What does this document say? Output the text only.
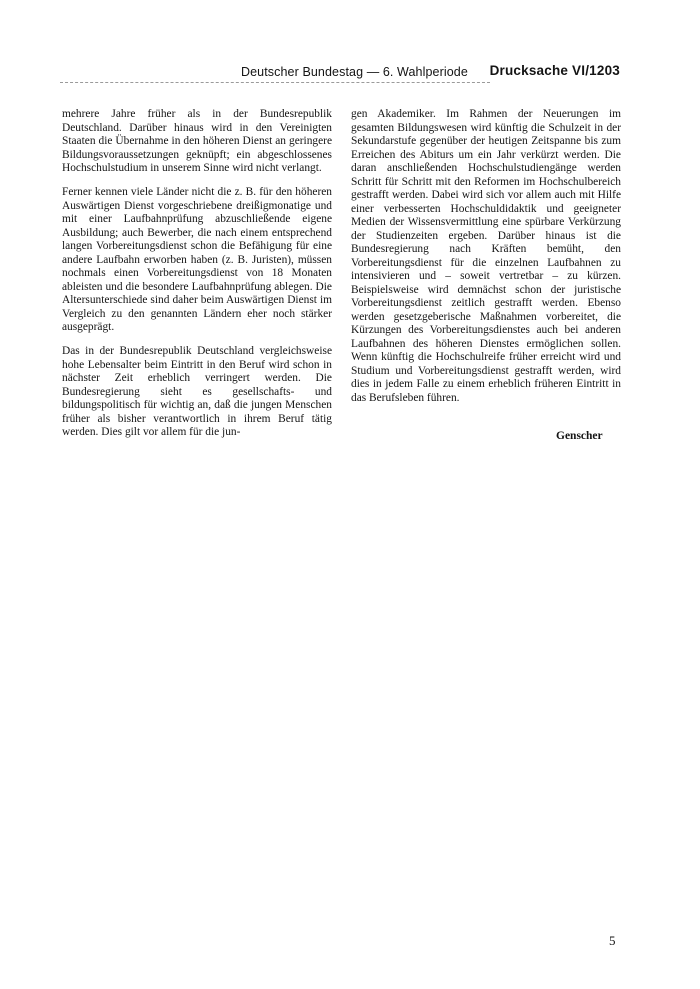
Deutscher Bundestag — 6. Wahlperiode Drucksache VI/1203

mehrere Jahre früher als in der Bundesrepublik Deutschland. Darüber hinaus wird in den Vereinigten Staaten die Übernahme in den höheren Dienst an geringere Bildungsvoraussetzungen geknüpft; ein abgeschlossenes Hochschulstudium in unserem Sinne wird nicht verlangt.

Ferner kennen viele Länder nicht die z. B. für den höheren Auswärtigen Dienst vorgeschriebene dreißigmonatige und mit einer Laufbahnprüfung abzuschließende eigene Ausbildung; auch Bewerber, die nach einem entsprechend langen Vorbereitungsdienst schon die Befähigung für eine andere Laufbahn erworben haben (z. B. Juristen), müssen nochmals einen Vorbereitungsdienst von 18 Monaten ableisten und die besondere Laufbahnprüfung ablegen. Die Altersunterschiede sind daher beim Auswärtigen Dienst im Vergleich zu den genannten Ländern eher noch stärker ausgeprägt.

Das in der Bundesrepublik Deutschland vergleichsweise hohe Lebensalter beim Eintritt in den Beruf wird schon in nächster Zeit erheblich verringert werden. Die Bundesregierung sieht es gesellschafts- und bildungspolitisch für wichtig an, daß die jungen Menschen früher als bisher verantwortlich in ihrem Beruf tätig werden. Dies gilt vor allem für die jun-

gen Akademiker. Im Rahmen der Neuerungen im gesamten Bildungswesen wird künftig die Schulzeit in der Sekundarstufe gegenüber der heutigen Zeitspanne bis zum Erreichen des Abiturs um ein Jahr verkürzt werden. Die daran anschließenden Hochschulstudiengänge werden Schritt für Schritt mit den Reformen im Hochschulbereich gestrafft werden. Dabei wird sich vor allem auch mit Hilfe einer verbesserten Hochschuldidaktik und geeigneter Medien der Wissensvermittlung eine spürbare Verkürzung der Studienzeiten ergeben. Darüber hinaus ist die Bundesregierung nach Kräften bemüht, den Vorbereitungsdienst für die einzelnen Laufbahnen zu intensivieren und – soweit vertretbar – zu kürzen. Beispielsweise wird demnächst schon der juristische Vorbereitungsdienst zeitlich gestrafft werden. Ebenso werden gesetzgeberische Maßnahmen vorbereitet, die Kürzungen des Vorbereitungsdienstes auch bei anderen Laufbahnen des höheren Dienstes ermöglichen sollen. Wenn künftig die Hochschulreife früher erreicht wird und Studium und Vorbereitungsdienst gestrafft werden, wird dies in jedem Falle zu einem erheblich früheren Eintritt in das Berufsleben führen.

Genscher
5
